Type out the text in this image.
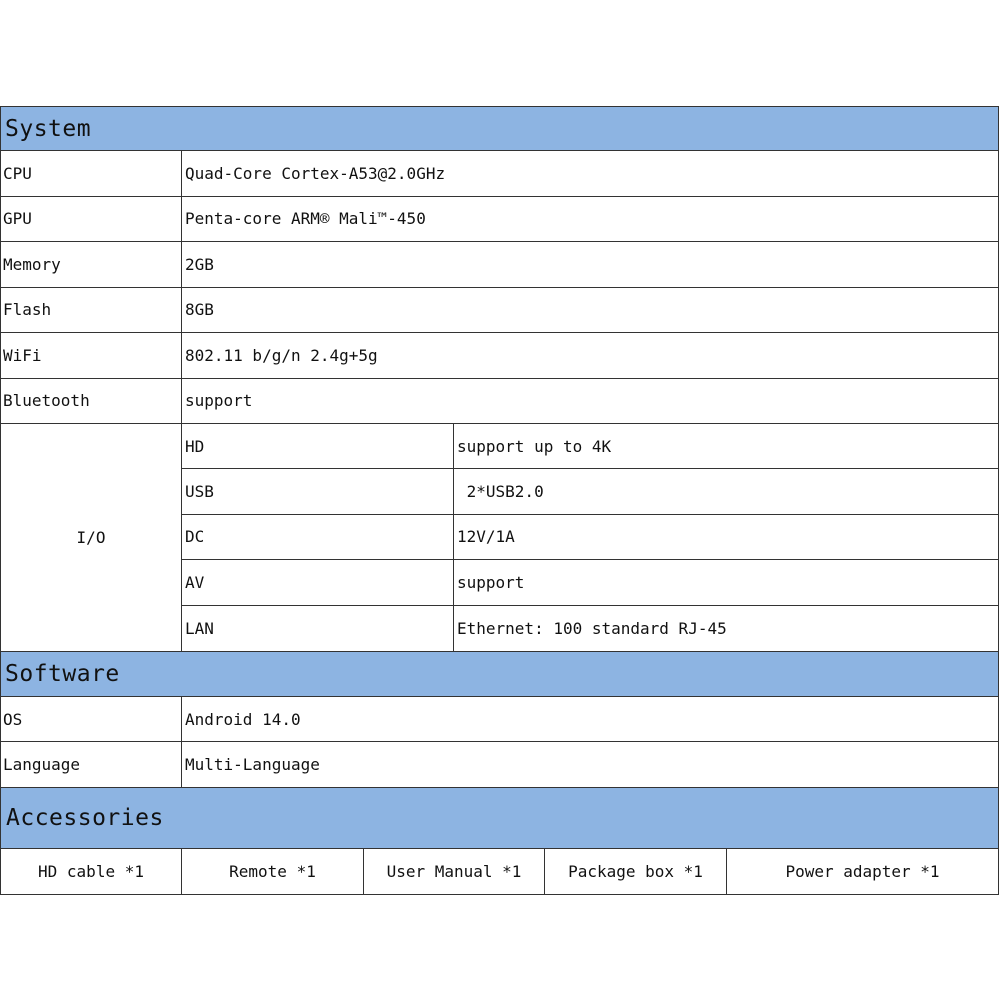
System
CPU	Quad-Core Cortex-A53@2.0GHz
GPU	Penta-core ARM® Mali™-450
Memory	2GB
Flash	8GB
WiFi	802.11 b/g/n 2.4g+5g
Bluetooth	support
I/O
HD	support up to 4K
USB	2*USB2.0
DC	12V/1A
AV	support
LAN	Ethernet: 100 standard RJ-45
Software
OS	Android 14.0
Language	Multi-Language
Accessories
HD cable *1	Remote *1	User Manual *1	Package box *1	Power adapter *1
